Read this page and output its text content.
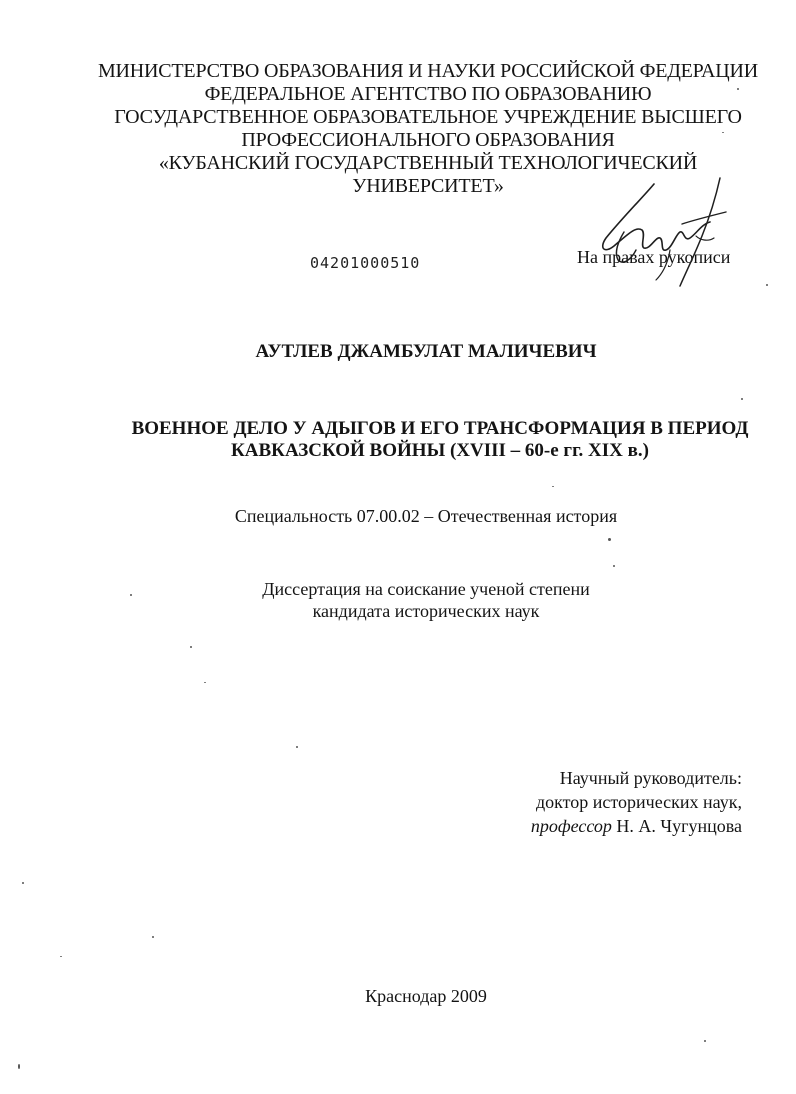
МИНИСТЕРСТВО ОБРАЗОВАНИЯ И НАУКИ РОССИЙСКОЙ ФЕДЕРАЦИИ
ФЕДЕРАЛЬНОЕ АГЕНТСТВО ПО ОБРАЗОВАНИЮ
ГОСУДАРСТВЕННОЕ ОБРАЗОВАТЕЛЬНОЕ УЧРЕЖДЕНИЕ ВЫСШЕГО
ПРОФЕССИОНАЛЬНОГО ОБРАЗОВАНИЯ
«КУБАНСКИЙ ГОСУДАРСТВЕННЫЙ ТЕХНОЛОГИЧЕСКИЙ
УНИВЕРСИТЕТ»
04201000510	На правах рукописи
АУТЛЕВ ДЖАМБУЛАТ МАЛИЧЕВИЧ
ВОЕННОЕ ДЕЛО У АДЫГОВ И ЕГО ТРАНСФОРМАЦИЯ В ПЕРИОД
КАВКАЗСКОЙ ВОЙНЫ (XVIII – 60-е гг. XIX в.)
Специальность 07.00.02 – Отечественная история
Диссертация на соискание ученой степени
кандидата исторических наук
Научный руководитель:
доктор исторических наук,
профессор Н. А. Чугунцова
Краснодар 2009
